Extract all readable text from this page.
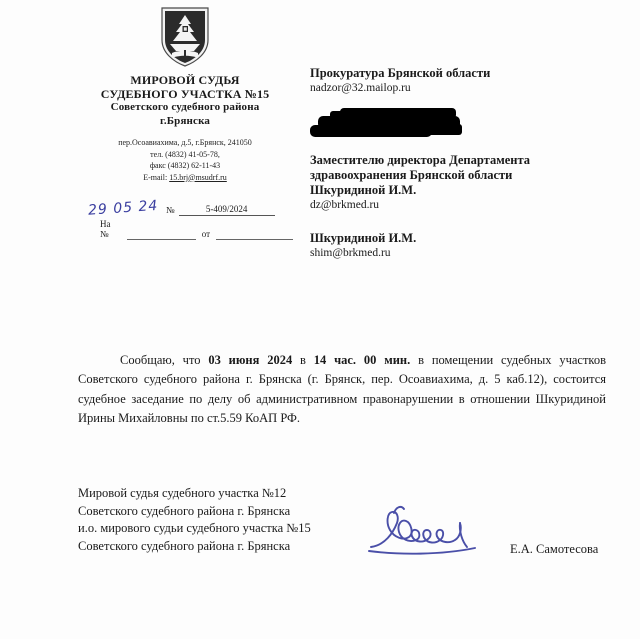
МИРОВОЙ СУДЬЯ
СУДЕБНОГО УЧАСТКА №15
Советского судебного района
г.Брянска
пер.Осоавиахима, д.5, г.Брянск, 241050
тел. (4832) 41-05-78,
факс (4832) 62-11-43
E-mail: 15.brj@msudrf.ru
29 05 24 №	5-409/2024
На №	от
Прокуратура Брянской области
nadzor@32.mailop.ru
Заместителю директора Департамента
здравоохранения Брянской области
Шкуридиной И.М.
dz@brkmed.ru
Шкуридиной И.М.
shim@brkmed.ru

Сообщаю, что 03 июня 2024 в 14 час. 00 мин. в помещении судебных участков Советского судебного района г. Брянска (г. Брянск, пер. Осоавиахима, д. 5 каб.12), состоится судебное заседание по делу об административном правонарушении в отношении Шкуридиной Ирины Михайловны по ст.5.59 КоАП РФ.

Мировой судья судебного участка №12
Советского судебного района г. Брянска
и.о. мирового судьи судебного участка №15
Советского судебного района г. Брянска	Е.А. Самотесова
